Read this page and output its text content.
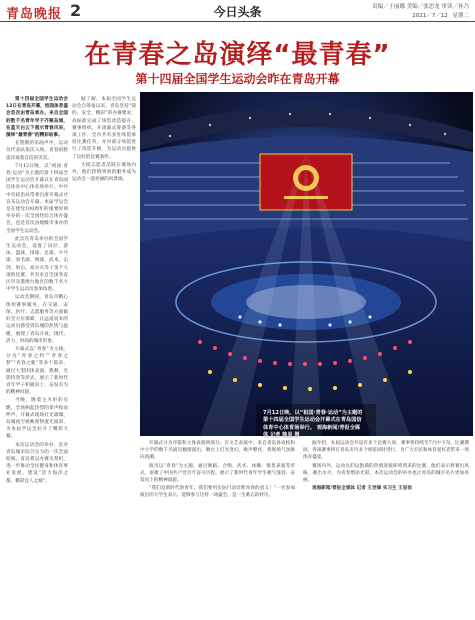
青岛晚报 2	今日头条	责编／于丽娜 美编／张思龙 审读／孙乃
2021／7／12 星期二
在青春之岛演绎“最青春”
第十四届全国学生运动会昨在青岛开幕

第十四届全国学生运动会12日在青岛开幕，校园体育盛会首次由青岛承办。来自全国的数千名青年学子齐聚岛城，在蓝天白云下展示青春风采，演绎“最青春”的精彩故事。

在铿锵的乐曲声中，运动员代表队依次入场，青春的脸庞洋溢着自信的笑容。

7月12日晚，以“祖国·青春·运动”为主题的第十四届全国学生运动会开幕式在青岛国信体育中心体育场举行。中共中央政治局常委出席开幕式并宣布运动会开幕。本届学运会是在建党100周年的重要时刻举办的一次全国性综合体育盛会，也是首次由地级市承办的全国学生运动会。

此次在青岛举办的全国学生运动会，设置了田径、游泳、篮球、排球、足球、乒乓球、羽毛球、网球、武术、击剑、射击、高尔夫等十余个大项的比赛，共有来自全国各省区市及港澳台地区的数千名大中学生运动员参加角逐。

运动会期间，青岛市精心组织赛事服务，在交通、安保、医疗、志愿服务等方面做好全方位保障，让远道而来的运动员感受到岛城的热情与温暖，展现了青岛开放、现代、活力、时尚的城市形象。

开幕式以“青春”为主线，分为“青春之约”“青春之梦”“青春之歌”等多个篇章，通过大型团体表演、歌舞、光影特效等形式，展示了新时代青年学子积极向上、奋发有为的精神风貌。

当晚，随着主火炬的点燃，全场响起热烈的掌声和欢呼声。开幕式现场灯光璀璨，岛城夜空被映照得流光溢彩，为本届学运会拉开了精彩大幕。

本次运动会的举办，是对青岛城市综合实力的一次全面检阅。青岛将以办赛为契机，进一步推动全民健身和体育事业发展，建设“活力海洋之都、精彩宜人之城”。

据了解，本届全国学生运动会自筹备以来，青岛坚持“简约、安全、精彩”的办赛要求，高标准完成了场馆改造提升、赛事组织、开闭幕式筹备等各项工作。全市共有多处场馆承担比赛任务，并对部分场馆进行了改造升级，为运动员提供了良好的比赛条件。

大批志愿者活跃在赛场内外，他们热情周到的服务成为运动会一道亮丽的风景线。

7月12日晚，以“祖国·青春·运动”为主题的第十四届全国学生运动会开幕式在青岛国信体育中心体育场举行。 观海新闻/青报全媒体 记者 韩星 摄

开幕式分为序篇和主体表演两部分。在文艺表演中，来自青岛各高校和中小学的数千名演员倾情演出，舞台上灯光变幻，歌声嘹亮，将现场气氛推向高潮。

演出以“青春”为主题，通过舞蹈、合唱、武术、体操、情景表演等形式，讴歌了中国共产党百年奋斗历程，展示了新时代青年学生朝气蓬勃、奋发向上的精神面貌。

“我们是新时代的青年，我们要用实际行动诠释青春的意义！”一名参加演出的大学生表示，能够参与这样一场盛会，是一生难忘的经历。

据介绍，本届运动会共设有多个比赛大项，赛事将持续至7月中下旬。比赛期间，各项赛事将在青岛市内多个场馆同时进行，为广大市民和体育爱好者带来一场体育盛宴。

赛场内外，运动员们以饱满的热情迎接即将到来的比赛，他们表示将赛出风格、赛出水平，为青春增添光彩。本次运动会的举办也让青岛的城市名片更加亮丽。

观海新闻/青报全媒体 记者 王世锋 实习生 王思俭
